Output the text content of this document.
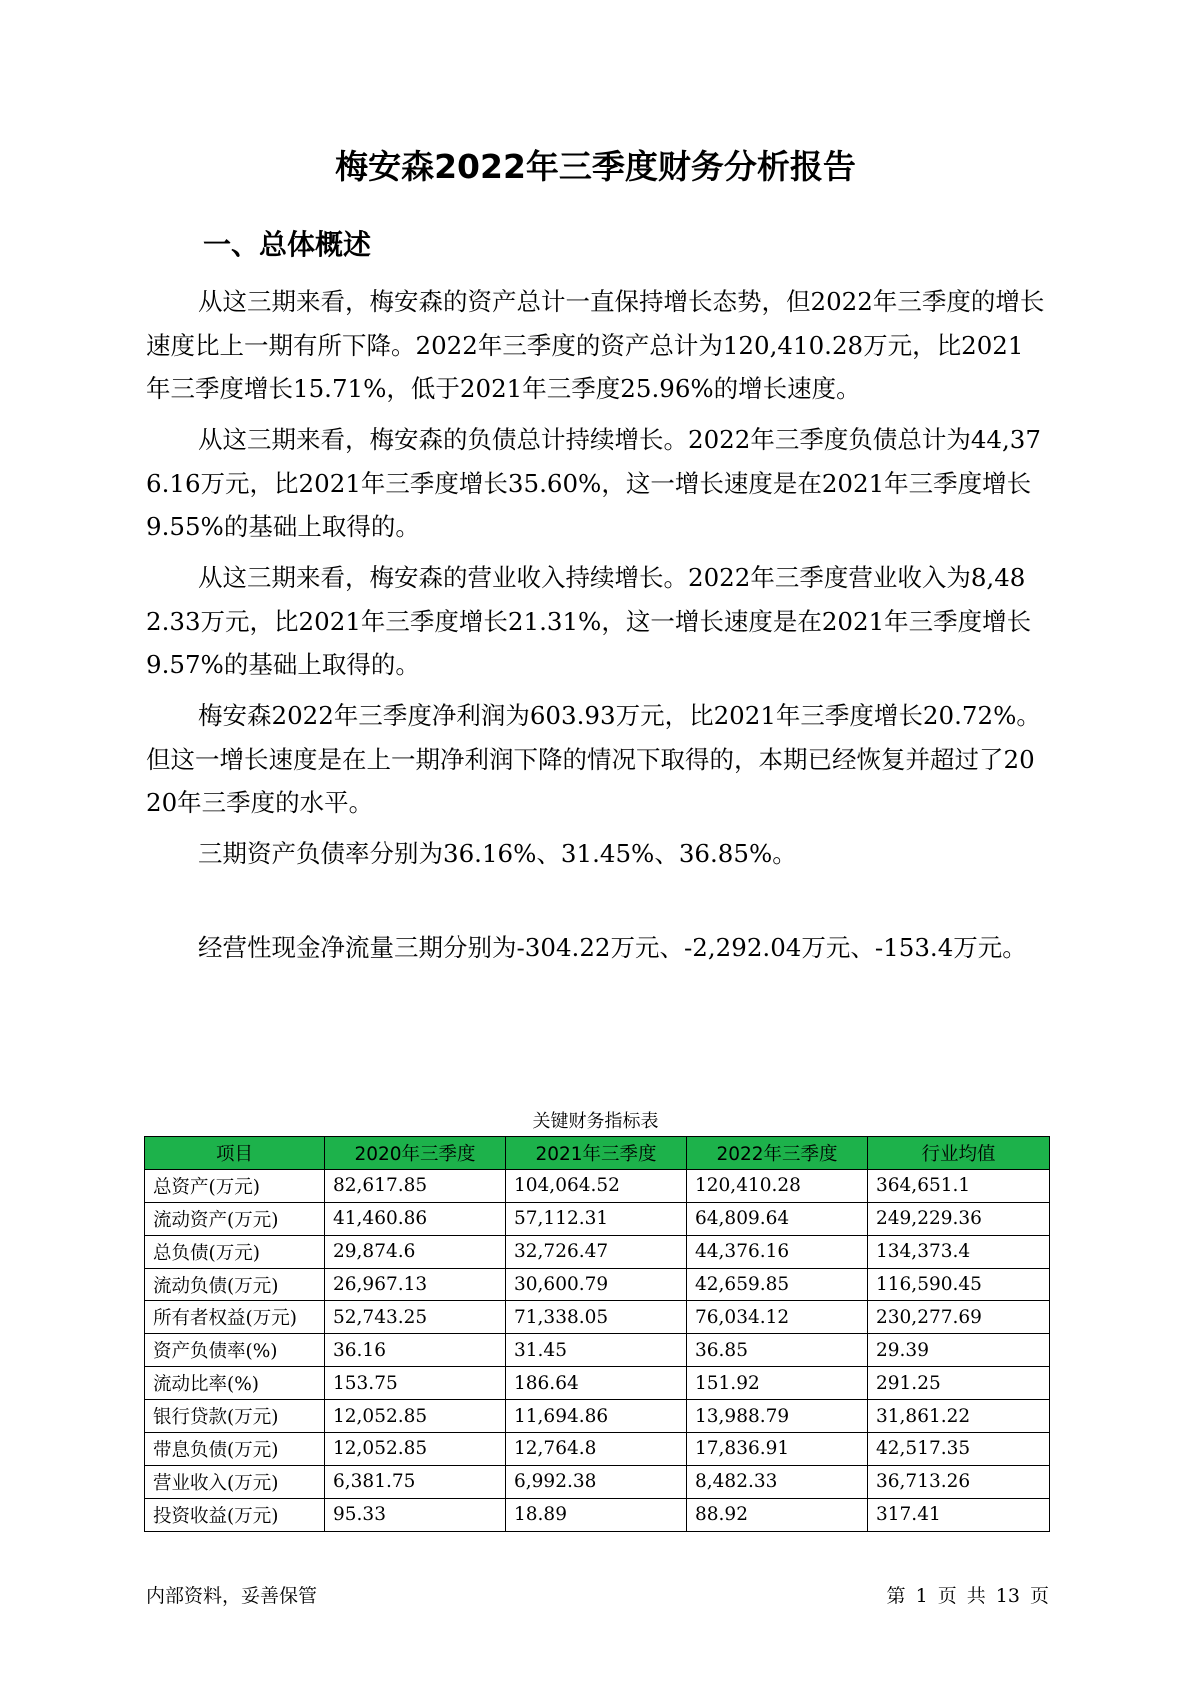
梅安森2022年三季度财务分析报告
一、总体概述

从这三期来看，梅安森的资产总计一直保持增长态势，但2022年三季度的增长速度比上一期有所下降。2022年三季度的资产总计为120,410.28万元，比2021年三季度增长15.71%，低于2021年三季度25.96%的增长速度。

从这三期来看，梅安森的负债总计持续增长。2022年三季度负债总计为44,376.16万元，比2021年三季度增长35.60%，这一增长速度是在2021年三季度增长9.55%的基础上取得的。

从这三期来看，梅安森的营业收入持续增长。2022年三季度营业收入为8,482.33万元，比2021年三季度增长21.31%，这一增长速度是在2021年三季度增长9.57%的基础上取得的。

梅安森2022年三季度净利润为603.93万元，比2021年三季度增长20.72%。但这一增长速度是在上一期净利润下降的情况下取得的，本期已经恢复并超过了2020年三季度的水平。

三期资产负债率分别为36.16%、31.45%、36.85%。

经营性现金净流量三期分别为-304.22万元、-2,292.04万元、-153.4万元。

关键财务指标表
项目	2020年三季度	2021年三季度	2022年三季度	行业均值
总资产(万元)	82,617.85	104,064.52	120,410.28	364,651.1
流动资产(万元)	41,460.86	57,112.31	64,809.64	249,229.36
总负债(万元)	29,874.6	32,726.47	44,376.16	134,373.4
流动负债(万元)	26,967.13	30,600.79	42,659.85	116,590.45
所有者权益(万元)	52,743.25	71,338.05	76,034.12	230,277.69
资产负债率(%)	36.16	31.45	36.85	29.39
流动比率(%)	153.75	186.64	151.92	291.25
银行贷款(万元)	12,052.85	11,694.86	13,988.79	31,861.22
带息负债(万元)	12,052.85	12,764.8	17,836.91	42,517.35
营业收入(万元)	6,381.75	6,992.38	8,482.33	36,713.26
投资收益(万元)	95.33	18.89	88.92	317.41
内部资料，妥善保管	第 1 页 共 13 页
